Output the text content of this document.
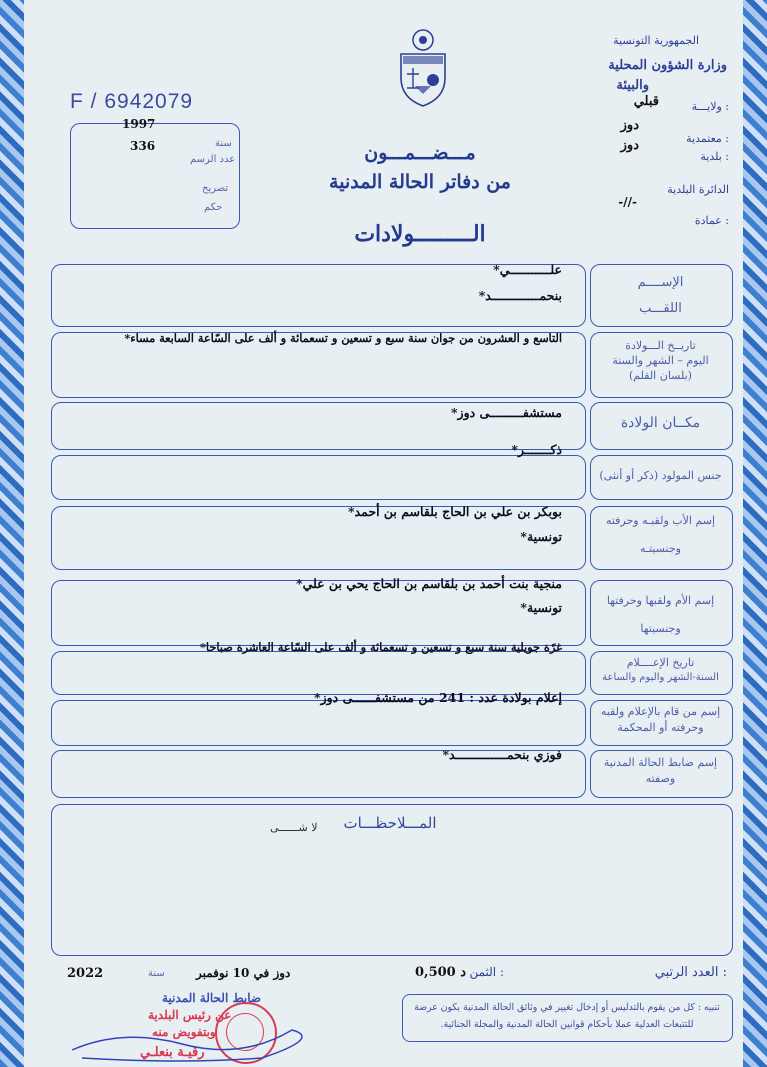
الجمهورية التونسية
وزارة الشؤون المحلية
والبيئة
ولايـــة :
قبلي
معتمدية :
دوز
بلدية :
دوز
الدائرة البلدية
-//-
عمادة :
F / 6942079
1997
سنة
336
عدد الرسم
تصريح
حكم
مـــضـــمـــون
من دفاتر الحالة المدنية
الـــــــــولادات
الإســــم
اللقـــب
علـــــــــــي*
بنحمـــــــــــــد*
تاريــخ الـــولادة
اليوم – الشهر والسنة
(بلسان القلم)
التاسع و العشرون من جوان سنة سبع و تسعين و تسعمائة و ألف على السّاعة السابعة مساء*
مكــان الولادة
مستشفـــــــــى دوز*
جنس المولود (ذكر أو أنثى)
ذكـــــــر*
إسم الأب ولقبـه وحرفته
وجنسيتـه
بوبكر بن علي بن الحاج بلقاسم بن أحمد*
تونسية*
إسم الأم ولقبها وحرفتها
وجنسيتها
منجية بنت أحمد بن بلقاسم بن الحاج يحي بن علي*
تونسية*
تاريخ الإعــــلام
السنة-الشهر واليوم والساعة
غرّة جويلية سنة سبع و تسعين و تسعمائة و ألف على السّاعة العاشرة صباحا*
إسم من قام بالإعلام ولقبه
وحرفته أو المحكمة
إعلام بولادة عدد : 241 من مستشفــــــى دوز*
إسم ضابط الحالة المدنية
وصفته
فوزي بنحمــــــــــــــد*
المـــلاحظـــات
لا شــــــى
العدد الرتبي :
الثمن :
0,500 د
دوز في 10 نوفمبر
سنة
2022
ضابط الحالة المدنية
عن رئيس البلدية
وبتفويض منه
رقيـة بنعلـي
تنبيه : كل من يقوم بالتدليس أو إدخال تغيير في وثائق الحالة المدنية يكون عرضة للتتبعات العدلية عملا بأحكام قوانين الحالة المدنية والمجلة الجنائية.
